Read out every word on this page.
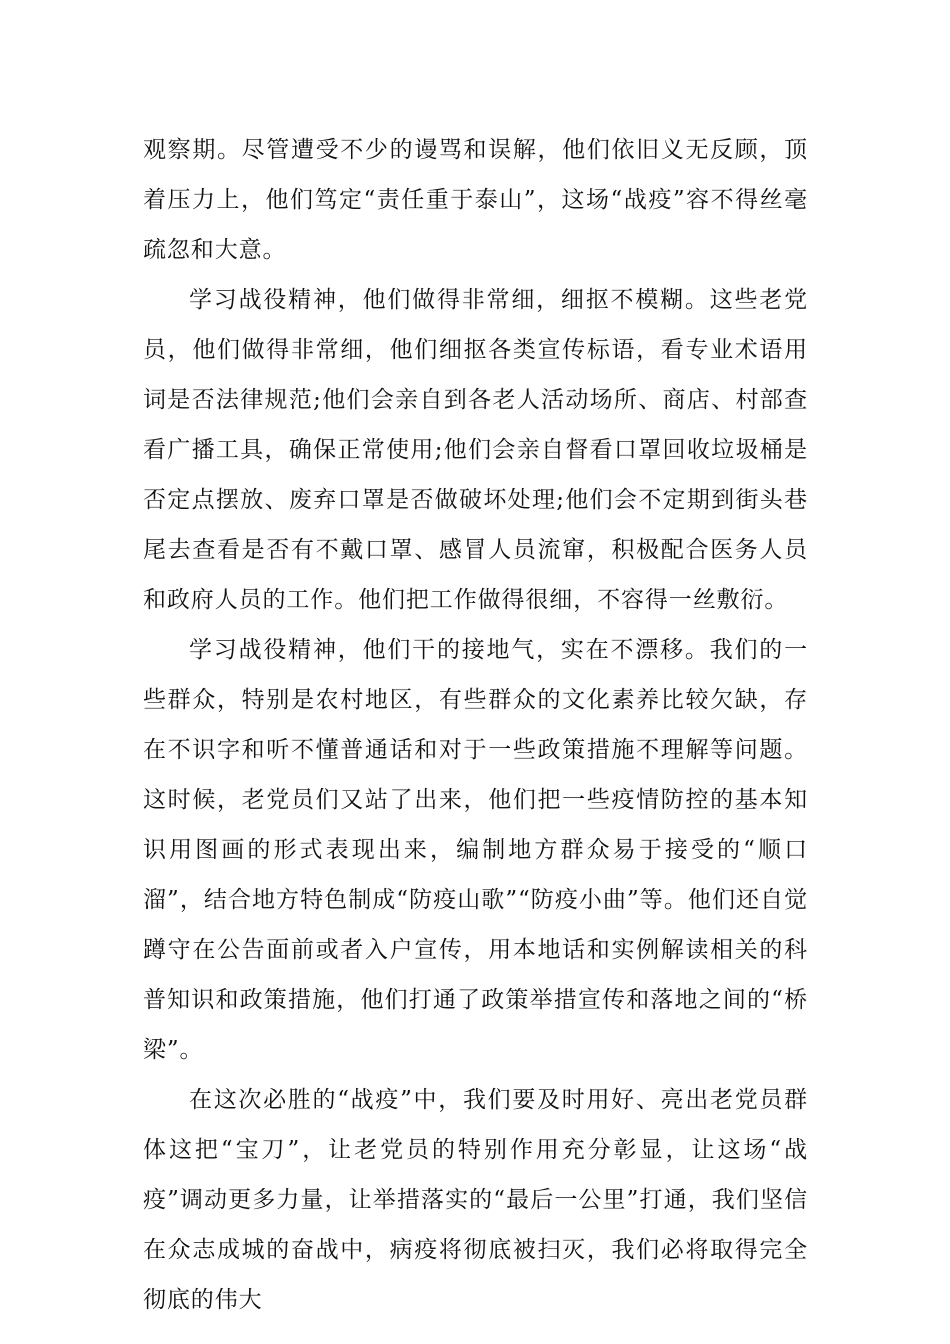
观察期。尽管遭受不少的谩骂和误解，他们依旧义无反顾，顶着压力上，他们笃定“责任重于泰山”，这场“战疫”容不得丝毫疏忽和大意。

学习战役精神，他们做得非常细，细抠不模糊。这些老党员，他们做得非常细，他们细抠各类宣传标语，看专业术语用词是否法律规范;他们会亲自到各老人活动场所、商店、村部查看广播工具，确保正常使用;他们会亲自督看口罩回收垃圾桶是否定点摆放、废弃口罩是否做破坏处理;他们会不定期到街头巷尾去查看是否有不戴口罩、感冒人员流窜，积极配合医务人员和政府人员的工作。他们把工作做得很细，不容得一丝敷衍。

学习战役精神，他们干的接地气，实在不漂移。我们的一些群众，特别是农村地区，有些群众的文化素养比较欠缺，存在不识字和听不懂普通话和对于一些政策措施不理解等问题。这时候，老党员们又站了出来，他们把一些疫情防控的基本知识用图画的形式表现出来，编制地方群众易于接受的“顺口溜”，结合地方特色制成“防疫山歌”“防疫小曲”等。他们还自觉蹲守在公告面前或者入户宣传，用本地话和实例解读相关的科普知识和政策措施，他们打通了政策举措宣传和落地之间的“桥梁”。

在这次必胜的“战疫”中，我们要及时用好、亮出老党员群体这把“宝刀”，让老党员的特别作用充分彰显，让这场“战疫”调动更多力量，让举措落实的“最后一公里”打通，我们坚信在众志成城的奋战中，病疫将彻底被扫灭，我们必将取得完全彻底的伟大
